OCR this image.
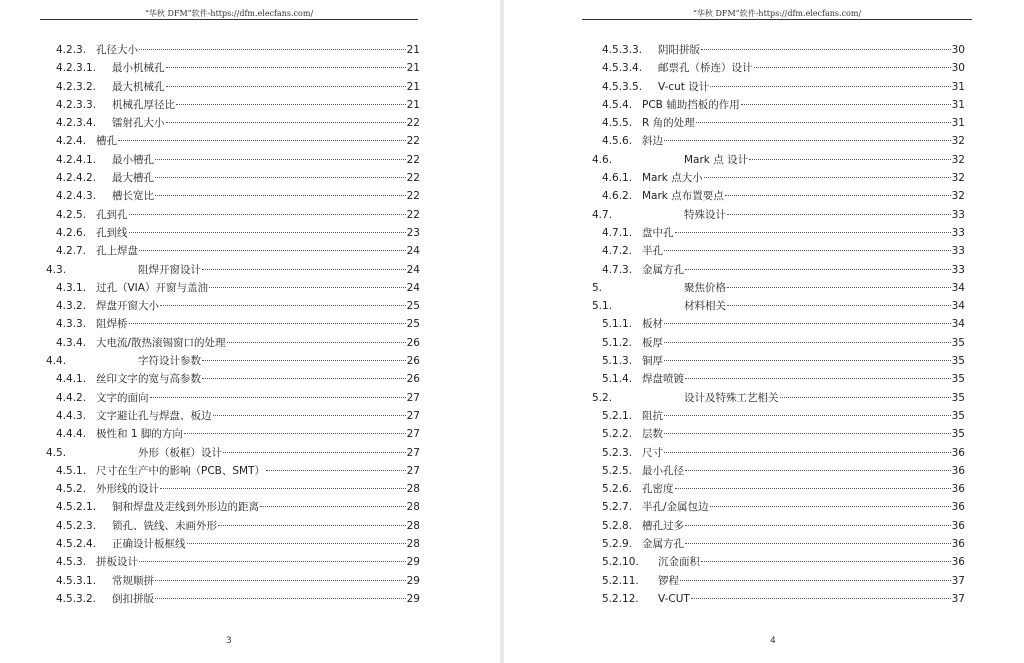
“华秋 DFM”软件-https://dfm.elecfans.com/
4.2.3. 孔径大小	21
4.2.3.1.	最小机械孔	21
4.2.3.2.	最大机械孔	21
4.2.3.3.	机械孔厚径比	21
4.2.3.4.	镭射孔大小	22
4.2.4. 槽孔	22
4.2.4.1.	最小槽孔	22
4.2.4.2.	最大槽孔	22
4.2.4.3.	槽长宽比	22
4.2.5. 孔到孔	22
4.2.6. 孔到线	23
4.2.7. 孔上焊盘	24
4.3.	阻焊开窗设计	24
4.3.1. 过孔（VIA）开窗与盖油	24
4.3.2. 焊盘开窗大小	25
4.3.3. 阻焊桥	25
4.3.4. 大电流/散热滚锡窗口的处理	26
4.4.	字符设计参数	26
4.4.1. 丝印文字的宽与高参数	26
4.4.2. 文字的面向	27
4.4.3. 文字避让孔与焊盘、板边	27
4.4.4. 极性和 1 脚的方向	27
4.5.	外形（板框）设计	27
4.5.1. 尺寸在生产中的影响（PCB、SMT）	27
4.5.2. 外形线的设计	28
4.5.2.1.	铜和焊盘及走线到外形边的距离	28
4.5.2.3.	锁孔、铣线、未画外形	28
4.5.2.4.	正确设计板框线	28
4.5.3. 拼板设计	29
4.5.3.1.	常规顺拼	29
4.5.3.2.	倒扣拼版	29
3
“华秋 DFM”软件-https://dfm.elecfans.com/
4.5.3.3.	阴阳拼版	30
4.5.3.4.	邮票孔（桥连）设计	30
4.5.3.5.	V-cut 设计	31
4.5.4. PCB 辅助挡板的作用	31
4.5.5. R 角的处理	31
4.5.6. 斜边	32
4.6.	Mark 点 设计	32
4.6.1. Mark 点大小	32
4.6.2. Mark 点布置要点	32
4.7.	特殊设计	33
4.7.1. 盘中孔	33
4.7.2. 半孔	33
4.7.3. 金属方孔	33
5.	聚焦价格	34
5.1.	材料相关	34
5.1.1. 板材	34
5.1.2. 板厚	35
5.1.3. 铜厚	35
5.1.4. 焊盘喷镀	35
5.2.	设计及特殊工艺相关	35
5.2.1. 阻抗	35
5.2.2. 层数	35
5.2.3. 尺寸	36
5.2.5. 最小孔径	36
5.2.6. 孔密度	36
5.2.7. 半孔/金属包边	36
5.2.8. 槽孔过多	36
5.2.9. 金属方孔	36
5.2.10.	沉金面积	36
5.2.11.	锣程	37
5.2.12.	V-CUT	37
4
